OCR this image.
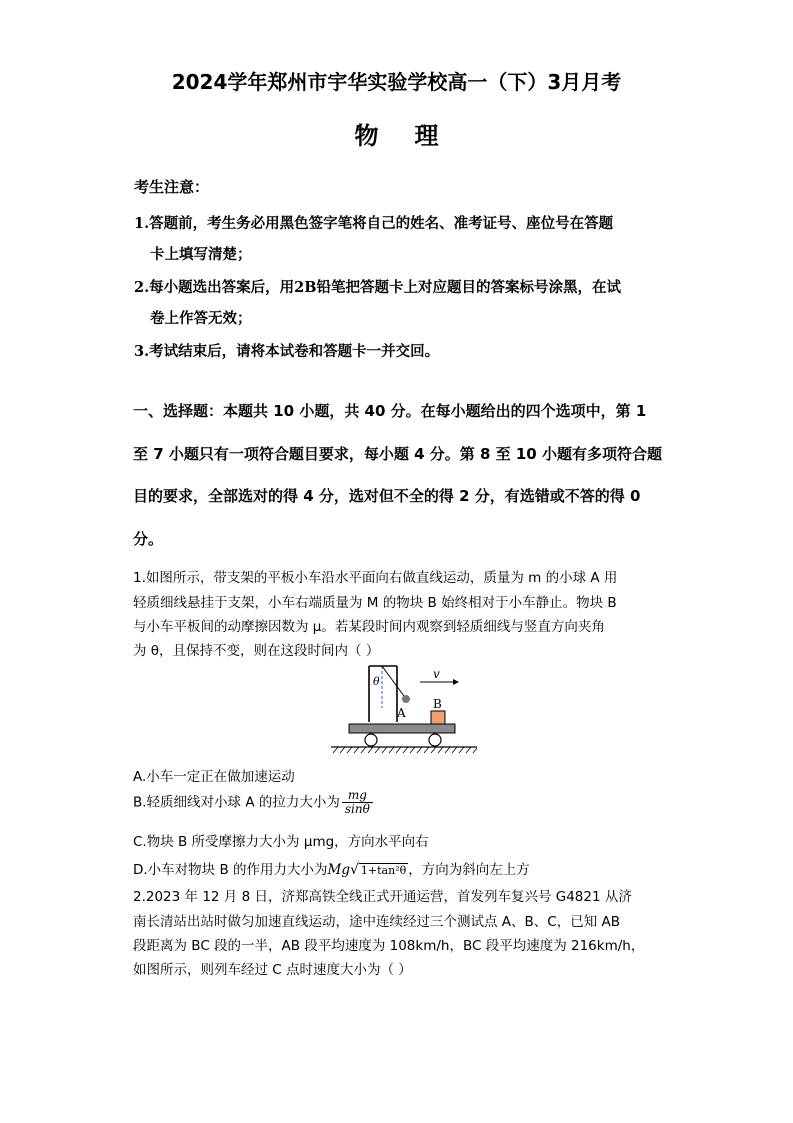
2024学年郑州市宇华实验学校高一（下）3月月考
物理
考生注意：
1.答题前，考生务必用黑色签字笔将自己的姓名、准考证号、座位号在答题
卡上填写清楚；
2.每小题选出答案后，用2B铅笔把答题卡上对应题目的答案标号涂黑，在试
卷上作答无效；
3.考试结束后，请将本试卷和答题卡一并交回。
一、选择题：本题共 10 小题，共 40 分。在每小题给出的四个选项中，第 1
至 7 小题只有一项符合题目要求，每小题 4 分。第 8 至 10 小题有多项符合题
目的要求，全部选对的得 4 分，选对但不全的得 2 分，有选错或不答的得 0
分。
1.如图所示，带支架的平板小车沿水平面向右做直线运动，质量为 m 的小球 A 用
轻质细线悬挂于支架，小车右端质量为 M 的物块 B 始终相对于小车静止。物块 B
与小车平板间的动摩擦因数为 μ。若某段时间内观察到轻质细线与竖直方向夹角
为 θ，且保持不变，则在这段时间内（ ）
θ
A
v
B
A.小车一定正在做加速运动
B.轻质细线对小球 A 的拉力大小为 $\frac{mg}{\sin\theta}$
C.物块 B 所受摩擦力大小为 μmg，方向水平向右
D.小车对物块 B 的作用力大小为Mg√ 1+tan²θ ，方向为斜向左上方
2.2023 年 12 月 8 日，济郑高铁全线正式开通运营，首发列车复兴号 G4821 从济
南长清站出站时做匀加速直线运动，途中连续经过三个测试点 A、B、C，已知 AB
段距离为 BC 段的一半，AB 段平均速度为 108km/h，BC 段平均速度为 216km/h，
如图所示，则列车经过 C 点时速度大小为（ ）
